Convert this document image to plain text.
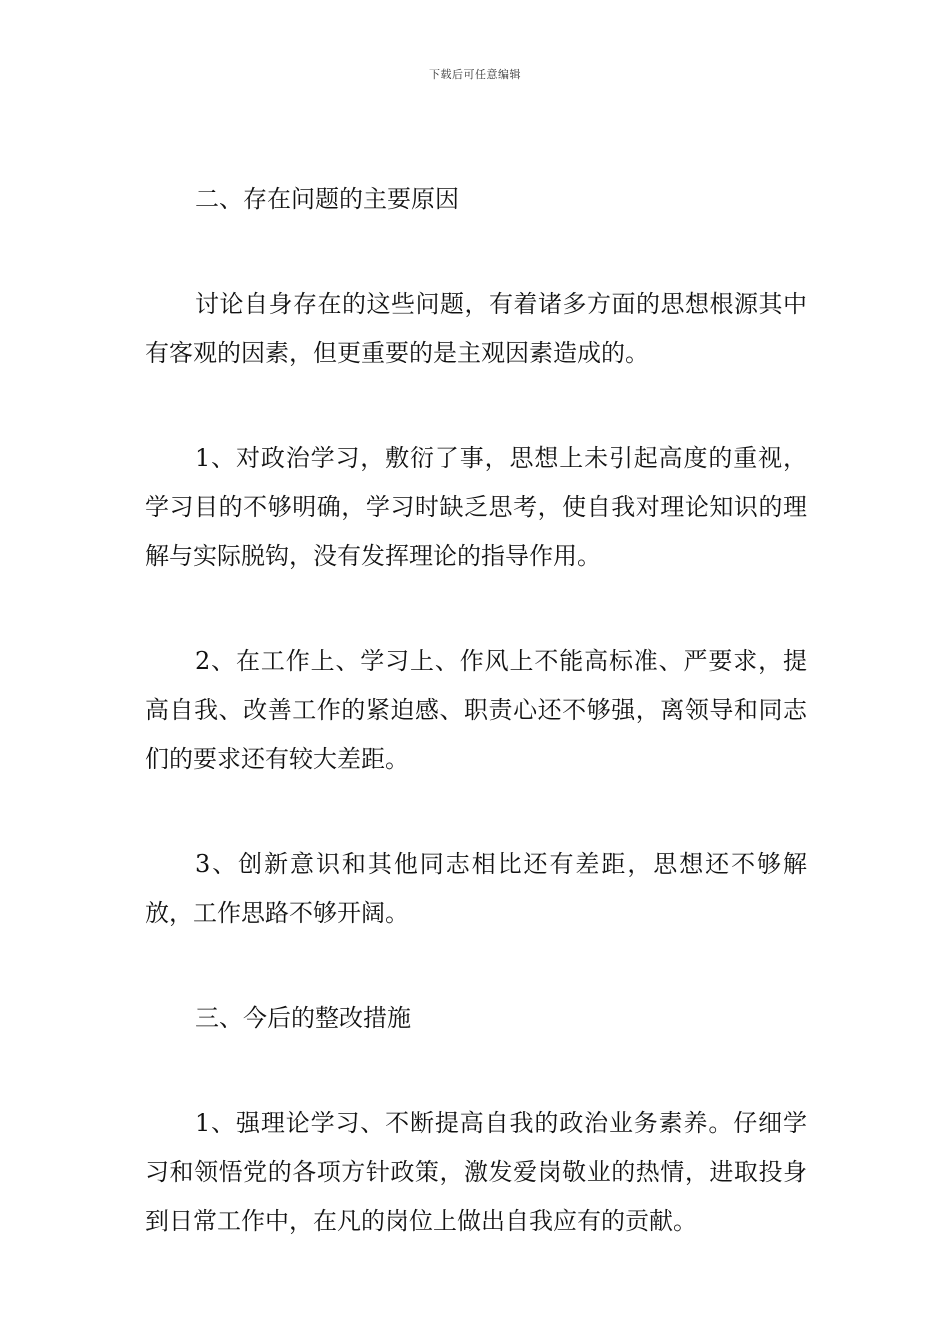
下载后可任意编辑

二、存在问题的主要原因

讨论自身存在的这些问题，有着诸多方面的思想根源其中有客观的因素，但更重要的是主观因素造成的。

1、对政治学习，敷衍了事，思想上未引起高度的重视，学习目的不够明确，学习时缺乏思考，使自我对理论知识的理解与实际脱钩，没有发挥理论的指导作用。

2、在工作上、学习上、作风上不能高标准、严要求，提高自我、改善工作的紧迫感、职责心还不够强，离领导和同志们的要求还有较大差距。

3、创新意识和其他同志相比还有差距，思想还不够解放，工作思路不够开阔。

三、今后的整改措施

1、强理论学习、不断提高自我的政治业务素养。仔细学习和领悟党的各项方针政策，激发爱岗敬业的热情，进取投身到日常工作中，在凡的岗位上做出自我应有的贡献。
